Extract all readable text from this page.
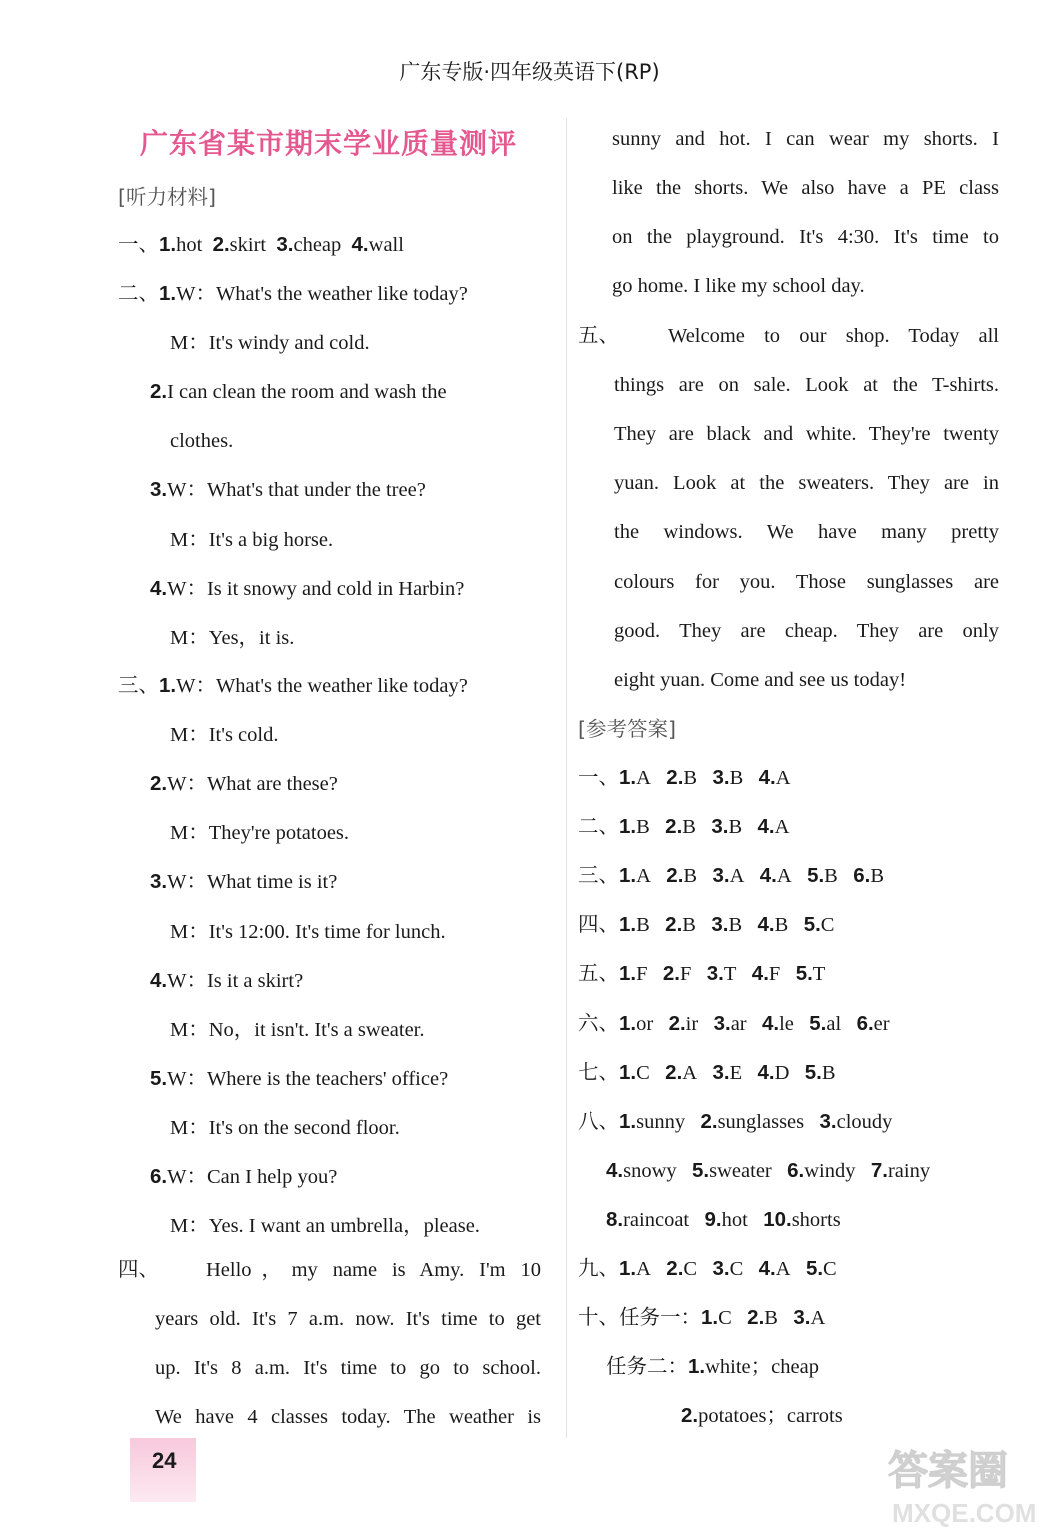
广东专版·四年级英语下(RP)
广东省某市期末学业质量测评
[听力材料]
一、1.hot 2.skirt 3.cheap 4.wall
二、1.W：What's the weather like today?
M：It's windy and cold.
2.I can clean the room and wash the
clothes.
3.W：What's that under the tree?
M：It's a big horse.
4.W：Is it snowy and cold in Harbin?
M：Yes，it is.
三、1.W：What's the weather like today?
M：It's cold.
2.W：What are these?
M：They're potatoes.
3.W：What time is it?
M：It's 12:00. It's time for lunch.
4.W：Is it a skirt?
M：No，it isn't. It's a sweater.
5.W：Where is the teachers' office?
M：It's on the second floor.
6.W：Can I help you?
M：Yes. I want an umbrella，please.
四、 Hello，my name is Amy. I'm 10
years old. It's 7 a.m. now. It's time to get
up. It's 8 a.m. It's time to go to school.
We have 4 classes today. The weather is
sunny and hot. I can wear my shorts. I
like the shorts. We also have a PE class
on the playground. It's 4:30. It's time to
go home. I like my school day.
五、 Welcome to our shop. Today all
things are on sale. Look at the T-shirts.
They are black and white. They're twenty
yuan. Look at the sweaters. They are in
the windows. We have many pretty
colours for you. Those sunglasses are
good. They are cheap. They are only
eight yuan. Come and see us today!
[参考答案]
一、1.A 2.B 3.B 4.A
二、1.B 2.B 3.B 4.A
三、1.A 2.B 3.A 4.A 5.B 6.B
四、1.B 2.B 3.B 4.B 5.C
五、1.F 2.F 3.T 4.F 5.T
六、1.or 2.ir 3.ar 4.le 5.al 6.er
七、1.C 2.A 3.E 4.D 5.B
八、1.sunny 2.sunglasses 3.cloudy
4.snowy 5.sweater 6.windy 7.rainy
8.raincoat 9.hot 10.shorts
九、1.A 2.C 3.C 4.A 5.C
十、任务一：1.C 2.B 3.A
任务二：1.white；cheap
2.potatoes；carrots
24	答案圈
MXQE.COM
